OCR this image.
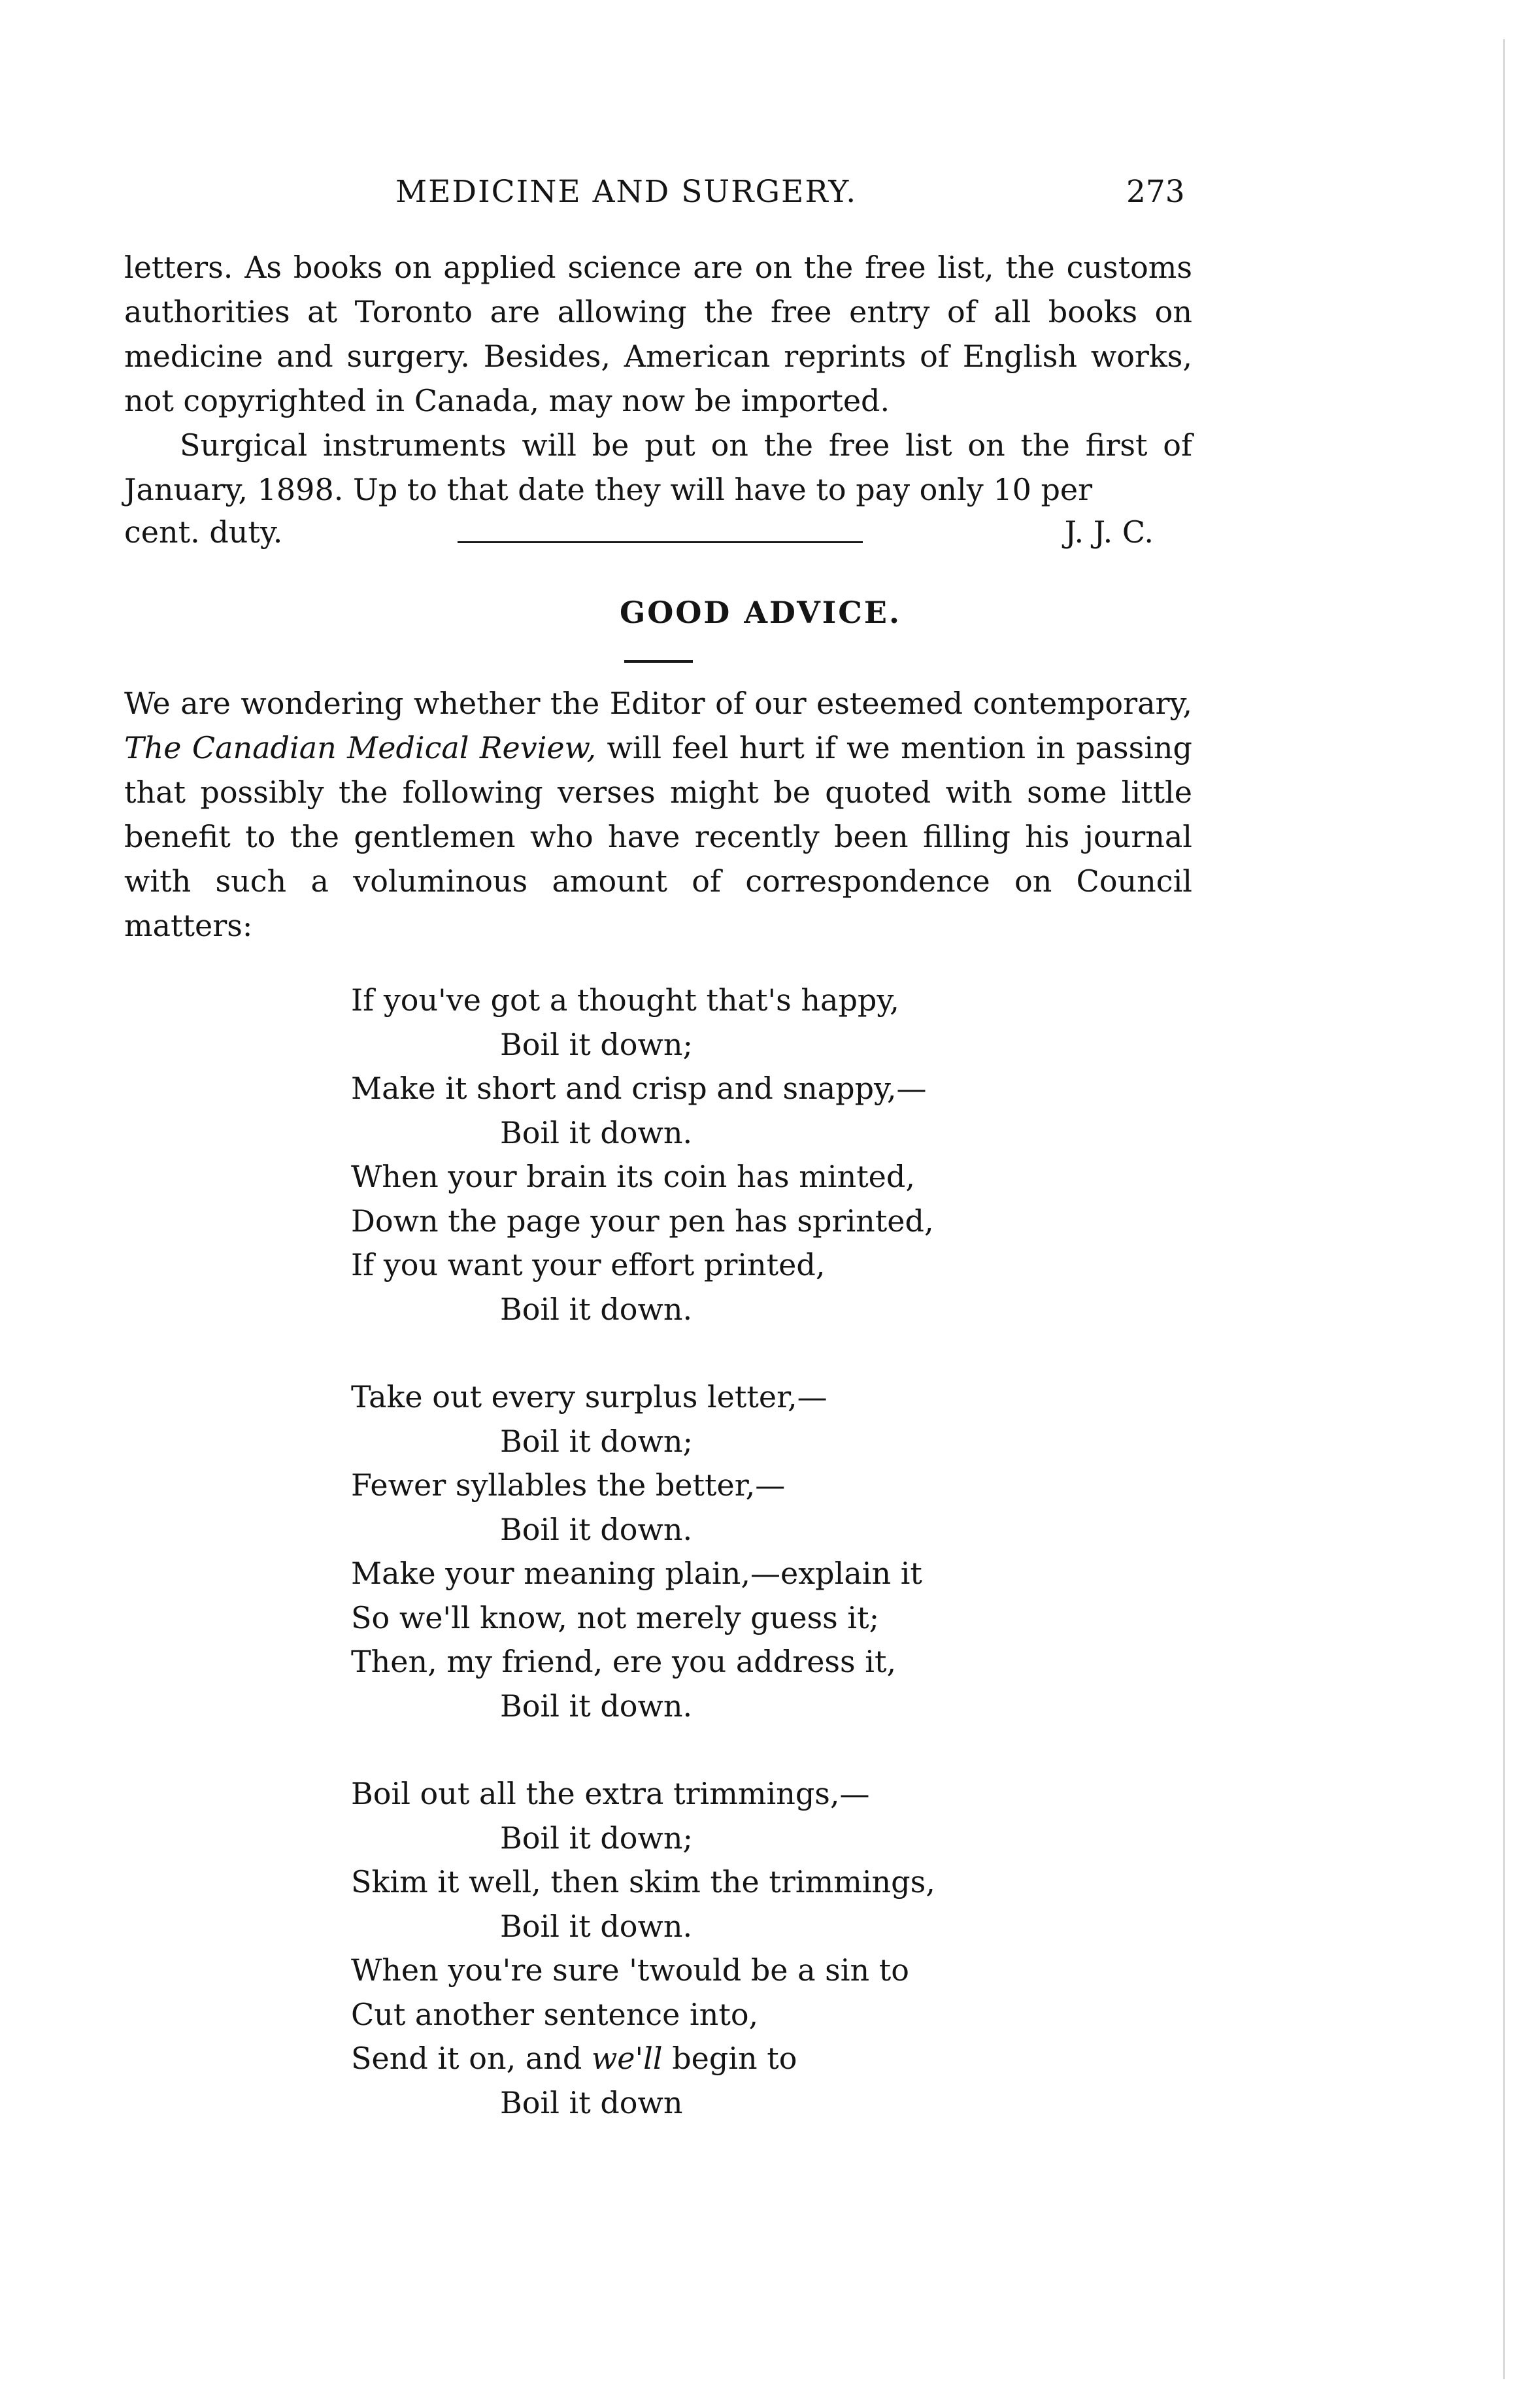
MEDICINE AND SURGERY.	273

letters. As books on applied science are on the free list, the customs authorities at Toronto are allowing the free entry of all books on medicine and surgery. Besides, American reprints of English works, not copyrighted in Canada, may now be imported.

Surgical instruments will be put on the free list on the first of January, 1898. Up to that date they will have to pay only 10 per

cent. duty.	J. J. C.
GOOD ADVICE.

We are wondering whether the Editor of our esteemed contemporary, The Canadian Medical Review, will feel hurt if we mention in passing that possibly the following verses might be quoted with some little benefit to the gentlemen who have recently been filling his journal with such a voluminous amount of correspondence on Council matters:

If you've got a thought that's happy,
Boil it down;
Make it short and crisp and snappy,—
Boil it down.
When your brain its coin has minted,
Down the page your pen has sprinted,
If you want your effort printed,
Boil it down.
Take out every surplus letter,—
Boil it down;
Fewer syllables the better,—
Boil it down.
Make your meaning plain,—explain it
So we'll know, not merely guess it;
Then, my friend, ere you address it,
Boil it down.
Boil out all the extra trimmings,—
Boil it down;
Skim it well, then skim the trimmings,
Boil it down.
When you're sure 'twould be a sin to
Cut another sentence into,
Send it on, and we'll begin to
Boil it down
